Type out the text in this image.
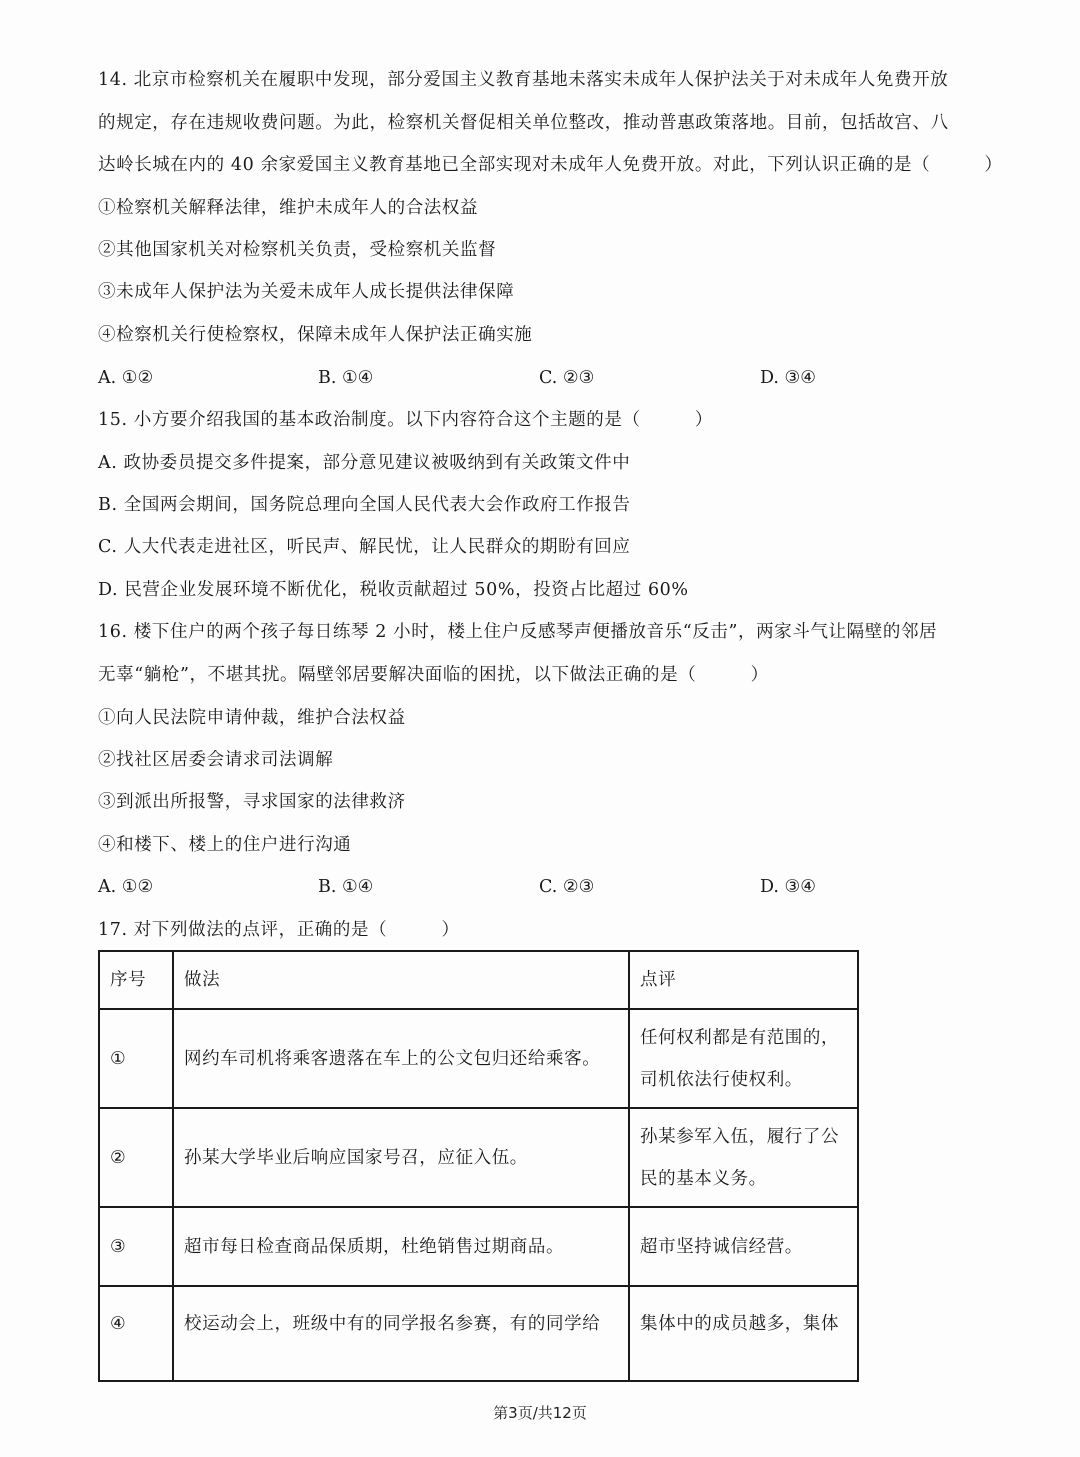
14. 北京市检察机关在履职中发现，部分爱国主义教育基地未落实未成年人保护法关于对未成年人免费开放
的规定，存在违规收费问题。为此，检察机关督促相关单位整改，推动普惠政策落地。目前，包括故宫、八
达岭长城在内的 40 余家爱国主义教育基地已全部实现对未成年人免费开放。对此，下列认识正确的是（　　　）
①检察机关解释法律，维护未成年人的合法权益
②其他国家机关对检察机关负责，受检察机关监督
③未成年人保护法为关爱未成年人成长提供法律保障
④检察机关行使检察权，保障未成年人保护法正确实施
A. ①②	B. ①④	C. ②③	D. ③④
15. 小方要介绍我国的基本政治制度。以下内容符合这个主题的是（　　　）
A. 政协委员提交多件提案，部分意见建议被吸纳到有关政策文件中
B. 全国两会期间，国务院总理向全国人民代表大会作政府工作报告
C. 人大代表走进社区，听民声、解民忧，让人民群众的期盼有回应
D. 民营企业发展环境不断优化，税收贡献超过 50%，投资占比超过 60%
16. 楼下住户的两个孩子每日练琴 2 小时，楼上住户反感琴声便播放音乐“反击”，两家斗气让隔壁的邻居
无辜“躺枪”，不堪其扰。隔壁邻居要解决面临的困扰，以下做法正确的是（　　　）
①向人民法院申请仲裁，维护合法权益
②找社区居委会请求司法调解
③到派出所报警，寻求国家的法律救济
④和楼下、楼上的住户进行沟通
A. ①②	B. ①④	C. ②③	D. ③④
17. 对下列做法的点评，正确的是（　　　）
序号	做法	点评
①	网约车司机将乘客遗落在车上的公文包归还给乘客。	任何权利都是有范围的，
司机依法行使权利。

②	孙某大学毕业后响应国家号召，应征入伍。	孙某参军入伍，履行了公
民的基本义务。

③	超市每日检查商品保质期，杜绝销售过期商品。	超市坚持诚信经营。

④	校运动会上，班级中有的同学报名参赛，有的同学给	集体中的成员越多，集体
第3页/共12页
